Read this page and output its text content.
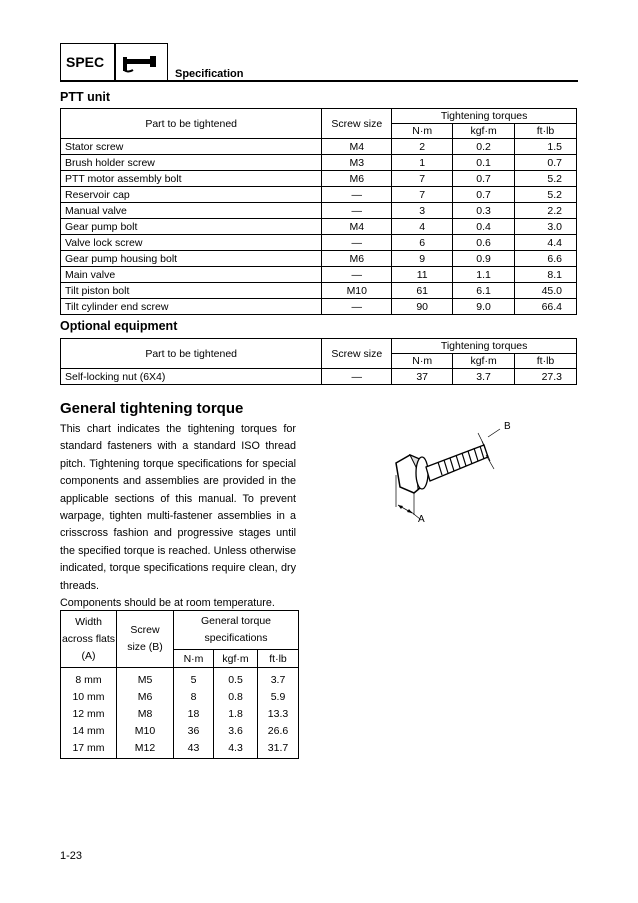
SPEC
Specification
PTT unit
Part to be tightened	Screw size	Tightening torques		
		N·m	kgf·m	ft·lb
Stator screw	M4	2	0.2	1.5
Brush holder screw	M3	1	0.1	0.7
PTT motor assembly bolt	M6	7	0.7	5.2
Reservoir cap	—	7	0.7	5.2
Manual valve	—	3	0.3	2.2
Gear pump bolt	M4	4	0.4	3.0
Valve lock screw	—	6	0.6	4.4
Gear pump housing bolt	M6	9	0.9	6.6
Main valve	—	11	1.1	8.1
Tilt piston bolt	M10	61	6.1	45.0
Tilt cylinder end screw	—	90	9.0	66.4
Optional equipment
Part to be tightened	Screw size	Tightening torques		
		N·m	kgf·m	ft·lb
Self-locking nut (6X4)	—	37	3.7	27.3
General tightening torque

This chart indicates the tightening torques for standard fasteners with a standard ISO thread pitch. Tightening torque specifications for special components and assemblies are provided in the applicable sections of this manual. To prevent warpage, tighten multi-fastener assemblies in a crisscross fashion and progressive stages until the specified torque is reached. Unless otherwise indicated, torque specifications require clean, dry threads.
Components should be at room temperature.

Width across flats (A)	Screw size (B)	General torque specifications		
		N·m	kgf·m	ft·lb
8 mm	M5	5	0.5	3.7
10 mm	M6	8	0.8	5.9
12 mm	M8	18	1.8	13.3
14 mm	M10	36	3.6	26.6
17 mm	M12	43	4.3	31.7
B
A
1-23
